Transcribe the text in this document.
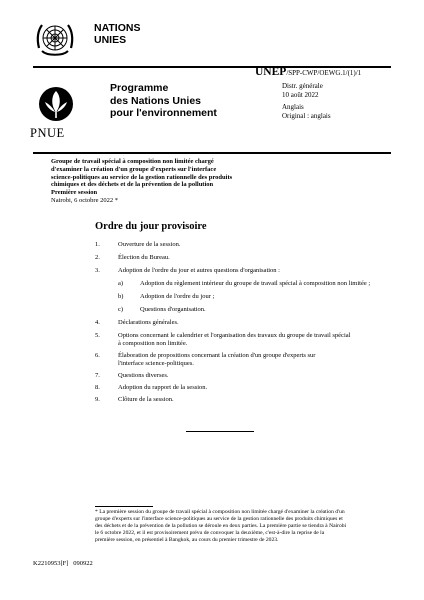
NATIONS
UNIES
UNEP/SPP-CWP/OEWG.1/(1)/1
PNUE
Programme
des Nations Unies
pour l'environnement
Distr. générale
10 août 2022
Anglais
Original : anglais
Groupe de travail spécial à composition non limitée chargé
d'examiner la création d'un groupe d'experts sur l'interface
science-politiques au service de la gestion rationnelle des produits
chimiques et des déchets et de la prévention de la pollution
Première session
Nairobi, 6 octobre 2022 *
Ordre du jour provisoire
1.	Ouverture de la session.
2.	Élection du Bureau.
3.	Adoption de l'ordre du jour et autres questions d'organisation :
a)	Adoption du règlement intérieur du groupe de travail spécial à composition non limitée ;
b)	Adoption de l'ordre du jour ;
c)	Questions d'organisation.
4.	Déclarations générales.
5.	Options concernant le calendrier et l'organisation des travaux du groupe de travail spécial
à composition non limitée.
6.	Élaboration de propositions concernant la création d'un groupe d'experts sur
l'interface science-politiques.
7.	Questions diverses.
8.	Adoption du rapport de la session.
9.	Clôture de la session.
* La première session du groupe de travail spécial à composition non limitée chargé d'examiner la création d'un
groupe d'experts sur l'interface science-politiques au service de la gestion rationnelle des produits chimiques et
des déchets et de la prévention de la pollution se déroule en deux parties. La première partie se tiendra à Nairobi
le 6 octobre 2022, et il est provisoirement prévu de convoquer la deuxième, c'est-à-dire la reprise de la
première session, en présentiel à Bangkok, au cours du premier trimestre de 2023.
K2210953[F]   090922
